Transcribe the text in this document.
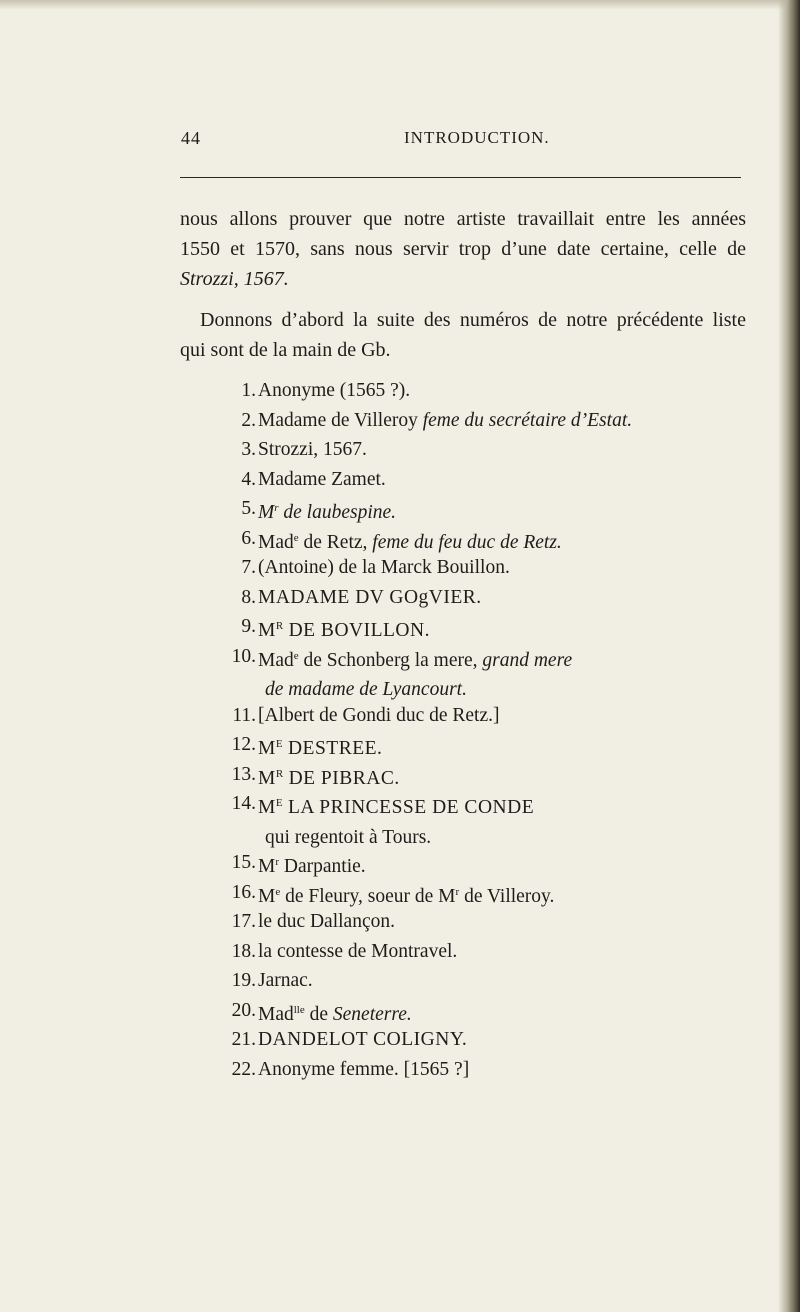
44	INTRODUCTION.
nous allons prouver que notre artiste travaillait entre les années
1550 et 1570, sans nous servir trop d’une date certaine, celle de
Strozzi, 1567.
Donnons d’abord la suite des numéros de notre précédente liste
qui sont de la main de Gb.
1. Anonyme (1565 ?).
2. Madame de Villeroy feme du secrétaire d’Estat.
3. Strozzi, 1567.
4. Madame Zamet.
5. $M^r$ de laubespine.
6. Mad$^e$ de Retz, feme du feu duc de Retz.
7. (Antoine) de la Marck Bouillon.
8. MADAME DV GOgVIER.
9. $M^R$ DE BOVILLON.
10. Mad$^e$ de Schonberg la mere, grand mere
de madame de Lyancourt.
11. [Albert de Gondi duc de Retz.]
12. $M^E$ DESTREE.
13. $M^R$ DE PIBRAC.
14. $M^E$ LA PRINCESSE DE CONDE
qui regentoit à Tours.
15. $M^r$ Darpantie.
16. Me de Fleury, soeur de $M^r$ de Villeroy.
17. le duc Dallançon.
18. la contesse de Montravel.
19. Jarnac.
20. Mad$^{lle}$ de Seneterre.
21. DANDELOT COLIGNY.
22. Anonyme femme. [1565 ?]
